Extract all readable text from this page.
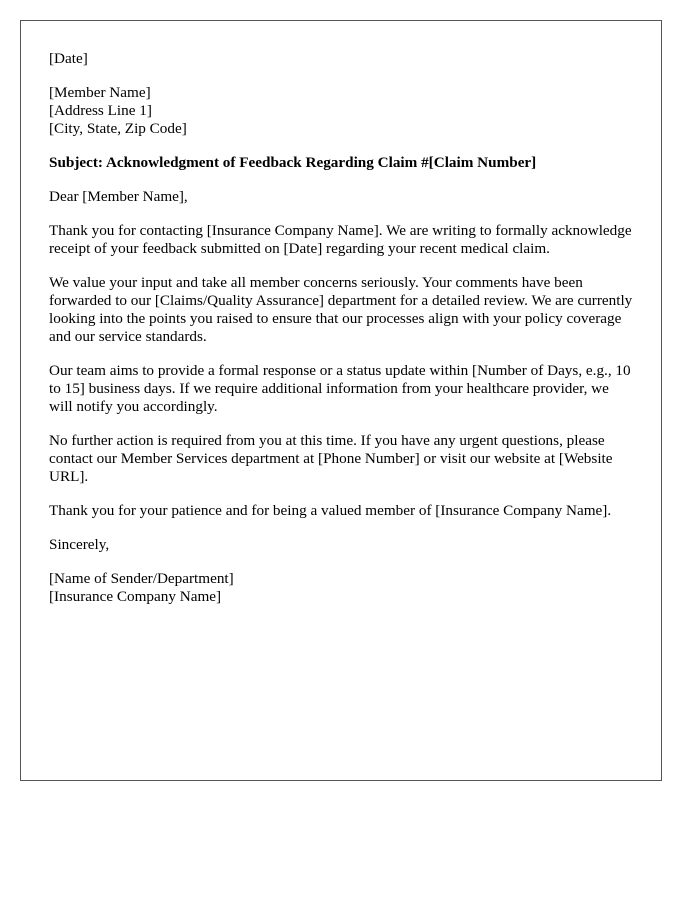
[Date]

[Member Name]

[Address Line 1]

[City, State, Zip Code]

Subject: Acknowledgment of Feedback Regarding Claim #[Claim Number]

Dear [Member Name],

Thank you for contacting [Insurance Company Name]. We are writing to formally acknowledge receipt of your feedback submitted on [Date] regarding your recent medical claim.

We value your input and take all member concerns seriously. Your comments have been forwarded to our [Claims/Quality Assurance] department for a detailed review. We are currently looking into the points you raised to ensure that our processes align with your policy coverage and our service standards.

Our team aims to provide a formal response or a status update within [Number of Days, e.g., 10 to 15] business days. If we require additional information from your healthcare provider, we will notify you accordingly.

No further action is required from you at this time. If you have any urgent questions, please contact our Member Services department at [Phone Number] or visit our website at [Website URL].

Thank you for your patience and for being a valued member of [Insurance Company Name].

Sincerely,

[Name of Sender/Department]

[Insurance Company Name]
